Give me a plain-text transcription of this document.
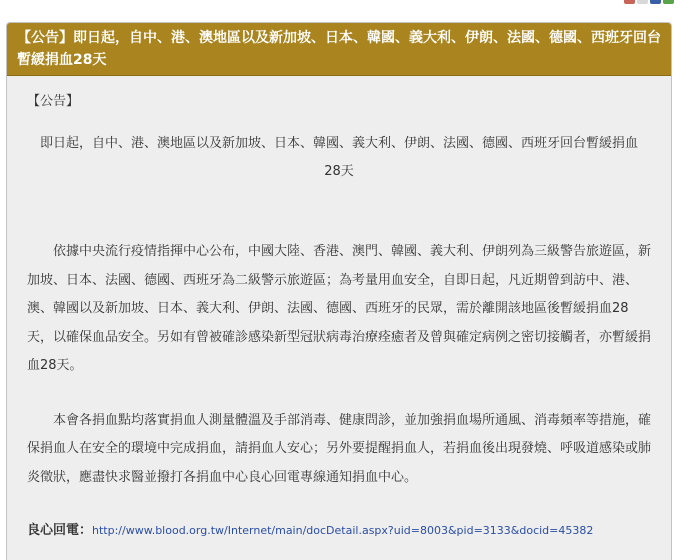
【公告】即日起，自中、港、澳地區以及新加坡、日本、韓國、義大利、伊朗、法國、德國、西班牙回台暫緩捐血28天

【公告】

即日起，自中、港、澳地區以及新加坡、日本、韓國、義大利、伊朗、法國、德國、西班牙回台暫緩捐血28天

依據中央流行疫情指揮中心公布，中國大陸、香港、澳門、韓國、義大利、伊朗列為三級警告旅遊區，新加坡、日本、法國、德國、西班牙為二級警示旅遊區；為考量用血安全，自即日起，凡近期曾到訪中、港、澳、韓國以及新加坡、日本、義大利、伊朗、法國、德國、西班牙的民眾，需於離開該地區後暫緩捐血28天，以確保血品安全。另如有曾被確診感染新型冠狀病毒治療痊癒者及曾與確定病例之密切接觸者，亦暫緩捐血28天。

本會各捐血點均落實捐血人測量體溫及手部消毒、健康問診，並加強捐血場所通風、消毒頻率等措施，確保捐血人在安全的環境中完成捐血，請捐血人安心；另外要提醒捐血人，若捐血後出現發燒、呼吸道感染或肺炎徵狀，應盡快求醫並撥打各捐血中心良心回電專線通知捐血中心。

良心回電：http://www.blood.org.tw/Internet/main/docDetail.aspx?uid=8003&pid=3133&docid=45382
